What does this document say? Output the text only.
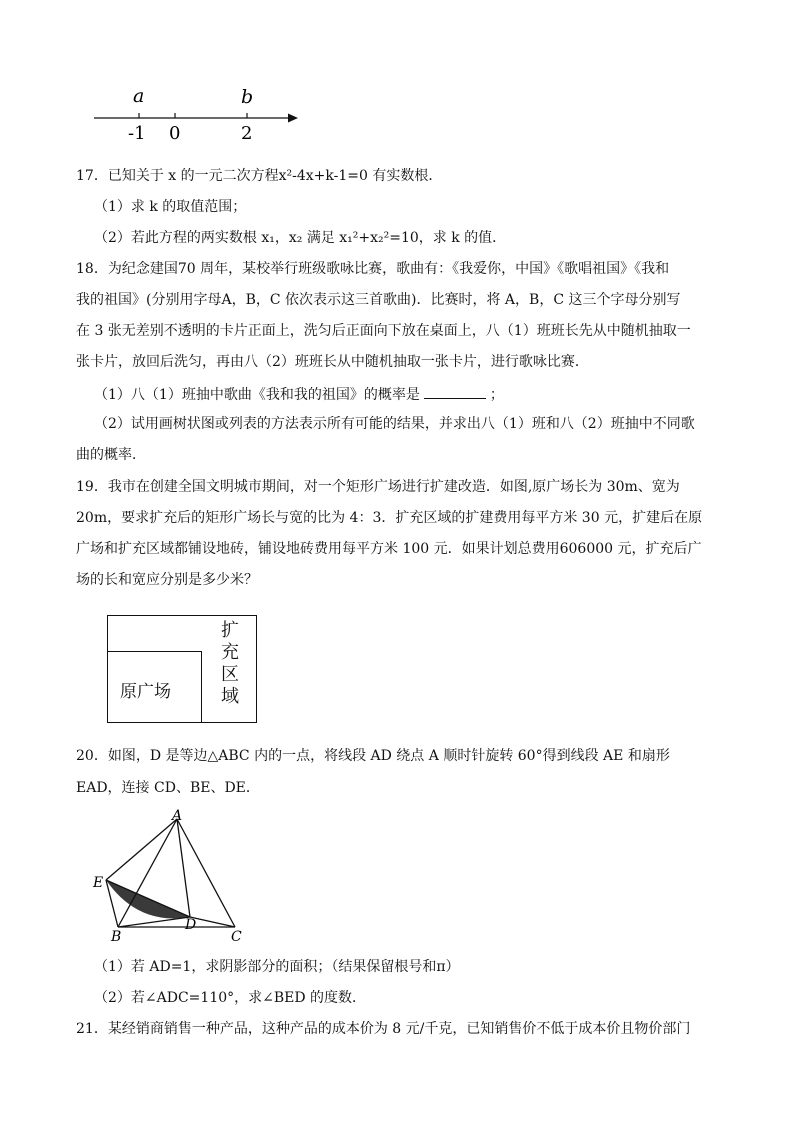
a	b
-1 0	2
17．已知关于 x 的一元二次方程x²-4x+k-1=0 有实数根．
（1）求 k 的取值范围；
（2）若此方程的两实数根 x₁，x₂ 满足 x₁²+x₂²=10，求 k 的值．
18．为纪念建国70 周年，某校举行班级歌咏比赛，歌曲有：《我爱你，中国》《歌唱祖国》《我和
我的祖国》(分别用字母A，B，C 依次表示这三首歌曲)．比赛时，将 A，B，C 这三个字母分别写
在 3 张无差别不透明的卡片正面上，洗匀后正面向下放在桌面上，八（1）班班长先从中随机抽取一
张卡片，放回后洗匀，再由八（2）班班长从中随机抽取一张卡片，进行歌咏比赛．
（1）八（1）班抽中歌曲《我和我的祖国》的概率是	；
（2）试用画树状图或列表的方法表示所有可能的结果，并求出八（1）班和八（2）班抽中不同歌
曲的概率．
19．我市在创建全国文明城市期间，对一个矩形广场进行扩建改造．如图,原广场长为 30m、宽为
20m，要求扩充后的矩形广场长与宽的比为 4：3．扩充区域的扩建费用每平方米 30 元，扩建后在原
广场和扩充区域都铺设地砖，铺设地砖费用每平方米 100 元．如果计划总费用606000 元，扩充后广
场的长和宽应分别是多少米？
原广场
扩
充
区
域
20．如图，D 是等边△ABC 内的一点，将线段 AD 绕点 A 顺时针旋转 60°得到线段 AE 和扇形
EAD，连接 CD、BE、DE．
A
E
B	C
D
（1）若 AD=1，求阴影部分的面积；（结果保留根号和π）
（2）若∠ADC=110°，求∠BED 的度数．
21．某经销商销售一种产品，这种产品的成本价为 8 元/千克，已知销售价不低于成本价且物价部门
